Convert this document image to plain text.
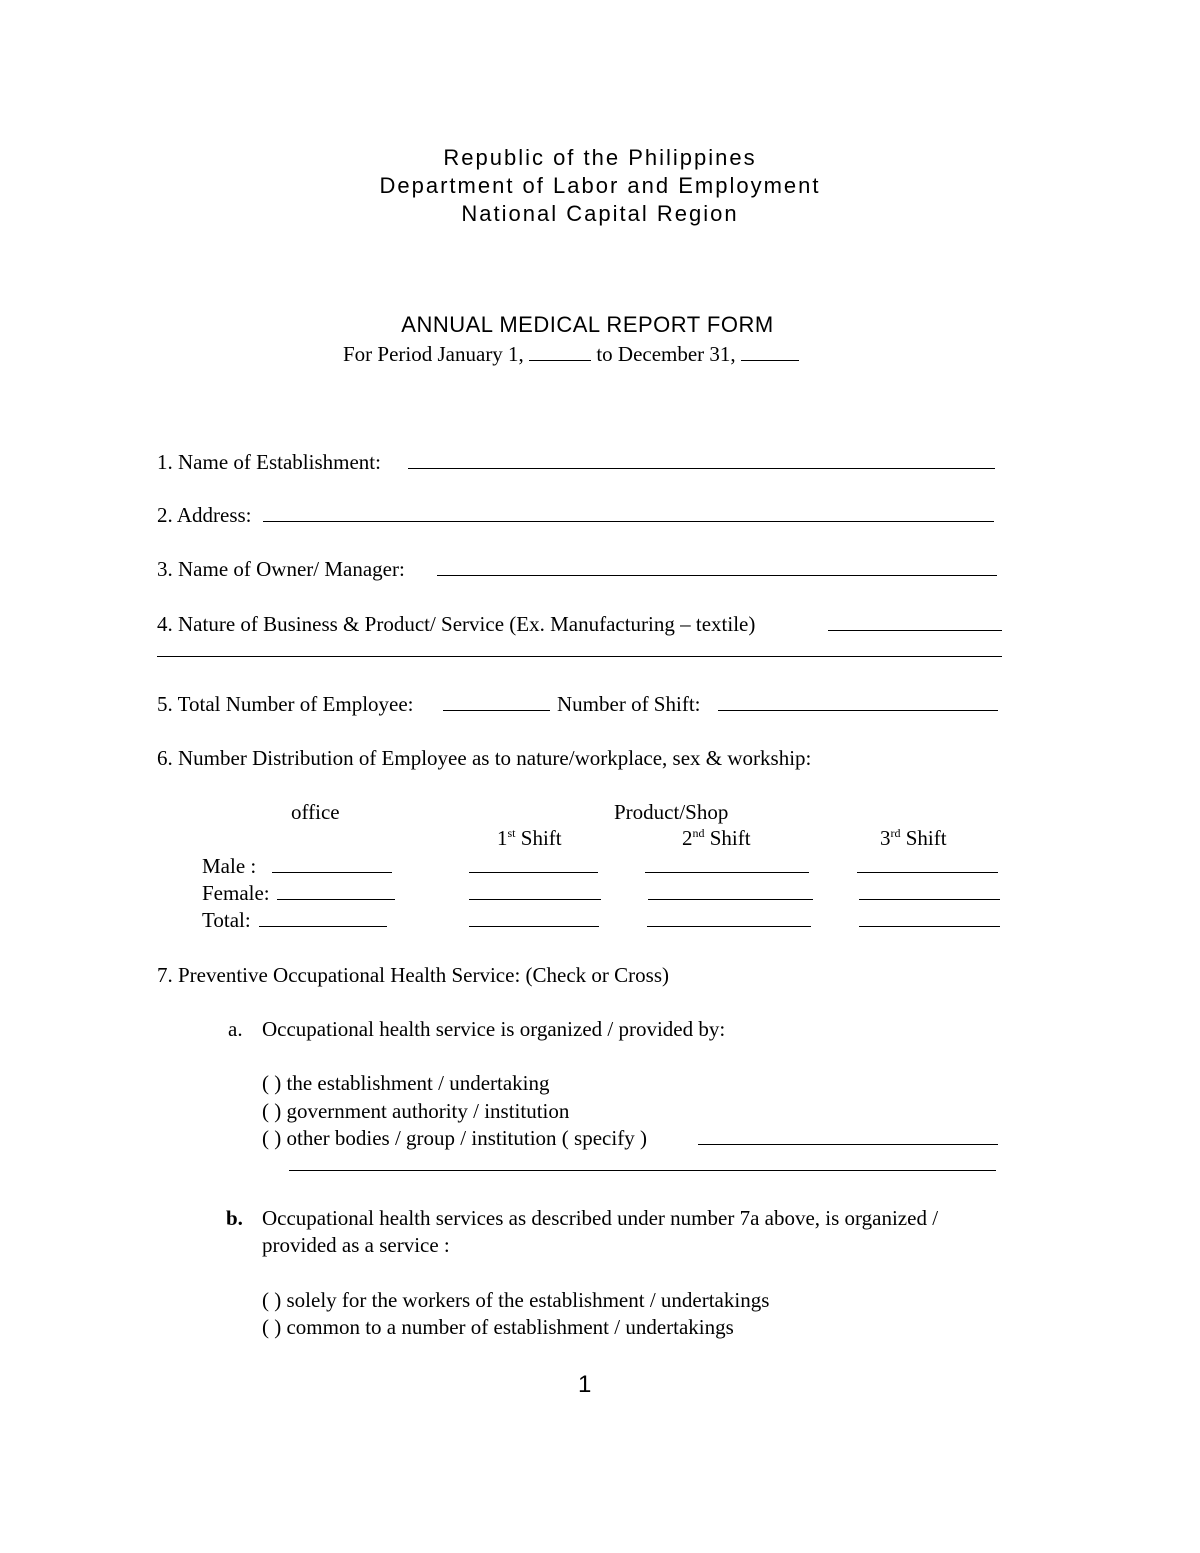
Republic of the Philippines
Department of Labor and Employment
National Capital Region
ANNUAL MEDICAL REPORT FORM
For Period January 1,	to December 31,
1. Name of Establishment:
2. Address:
3. Name of Owner/ Manager:
4. Nature of Business & Product/ Service (Ex. Manufacturing – textile)
5. Total Number of Employee:	Number of Shift:
6. Number Distribution of Employee as to nature/workplace, sex & workship:
office	Product/Shop
1st Shift	2nd Shift	3rd Shift
Male :
Female:
Total:
7. Preventive Occupational Health Service: (Check or Cross)
a. Occupational health service is organized / provided by:
( ) the establishment / undertaking
( ) government authority / institution
( ) other bodies / group / institution ( specify )
b. Occupational health services as described under number 7a above, is organized /
provided as a service :
( ) solely for the workers of the establishment / undertakings
( ) common to a number of establishment / undertakings
1
